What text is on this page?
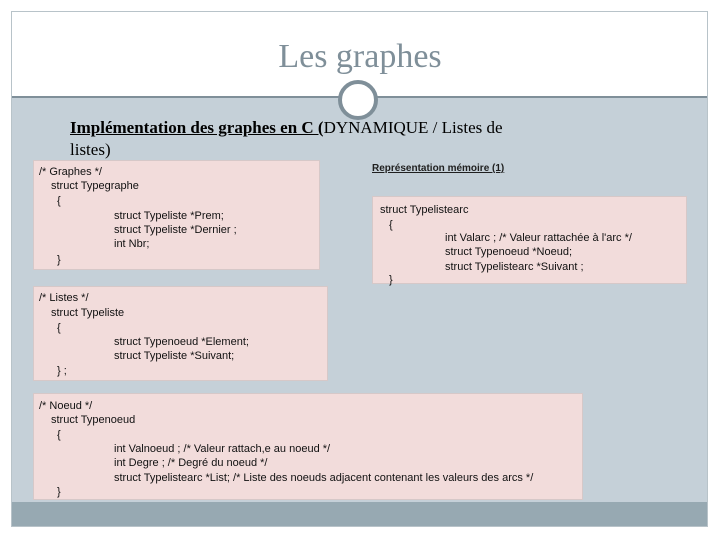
Les graphes
Implémentation des graphes en C (DYNAMIQUE / Listes de
listes)
Représentation mémoire (1)
/* Graphes */
struct Typegraphe
{
struct Typeliste *Prem;
struct Typeliste *Dernier ;
int Nbr;
}
struct Typelistearc
{
int Valarc ; /* Valeur rattachée à l'arc */
struct Typenoeud *Noeud;
struct Typelistearc *Suivant ;
}
/* Listes */
struct Typeliste
{
struct Typenoeud *Element;
struct Typeliste *Suivant;
} ;
/* Noeud */
struct Typenoeud
{
int Valnoeud ; /* Valeur rattach,e au noeud */
int Degre ; /* Degré du noeud */
struct Typelistearc *List; /* Liste des noeuds adjacent contenant les valeurs des arcs */
}
